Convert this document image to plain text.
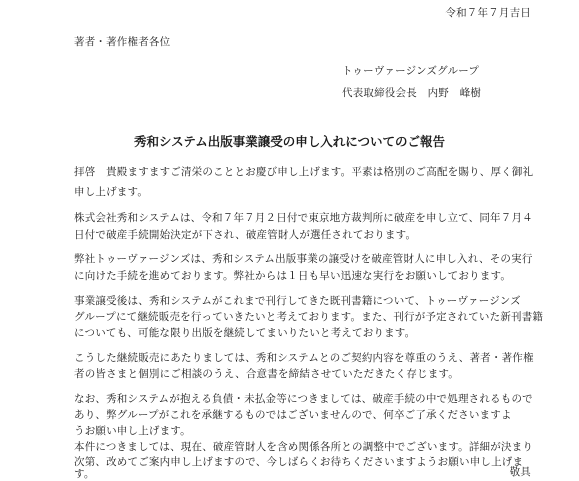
令和７年７月吉日
著者・著作権者各位
トゥーヴァージンズグループ
代表取締役会長　内野　峰樹
秀和システム出版事業譲受の申し入れについてのご報告
拝啓　貴殿ますますご清栄のこととお慶び申し上げます。平素は格別のご高配を賜り、厚く御礼
申し上げます。
株式会社秀和システムは、令和７年７月２日付で東京地方裁判所に破産を申し立て、同年７月４
日付で破産手続開始決定が下され、破産管財人が選任されております。
弊社トゥーヴァージンズは、秀和システム出版事業の譲受けを破産管財人に申し入れ、その実行
に向けた手続を進めております。弊社からは１日も早い迅速な実行をお願いしております。
事業譲受後は、秀和システムがこれまで刊行してきた既刊書籍について、トゥーヴァージンズ
グループにて継続販売を行っていきたいと考えております。また、刊行が予定されていた新刊書籍
についても、可能な限り出版を継続してまいりたいと考えております。
こうした継続販売にあたりましては、秀和システムとのご契約内容を尊重のうえ、著者・著作権
者の皆さまと個別にご相談のうえ、合意書を締結させていただきたく存じます。
なお、秀和システムが抱える負債・未払金等につきましては、破産手続の中で処理されるもので
あり、弊グループがこれを承継するものではございませんので、何卒ご了承くださいますよ
うお願い申し上げます。
本件につきましては、現在、破産管財人を含め関係各所との調整中でございます。詳細が決まり
次第、改めてご案内申し上げますので、今しばらくお待ちくださいますようお願い申し上げま
す。	敬具
